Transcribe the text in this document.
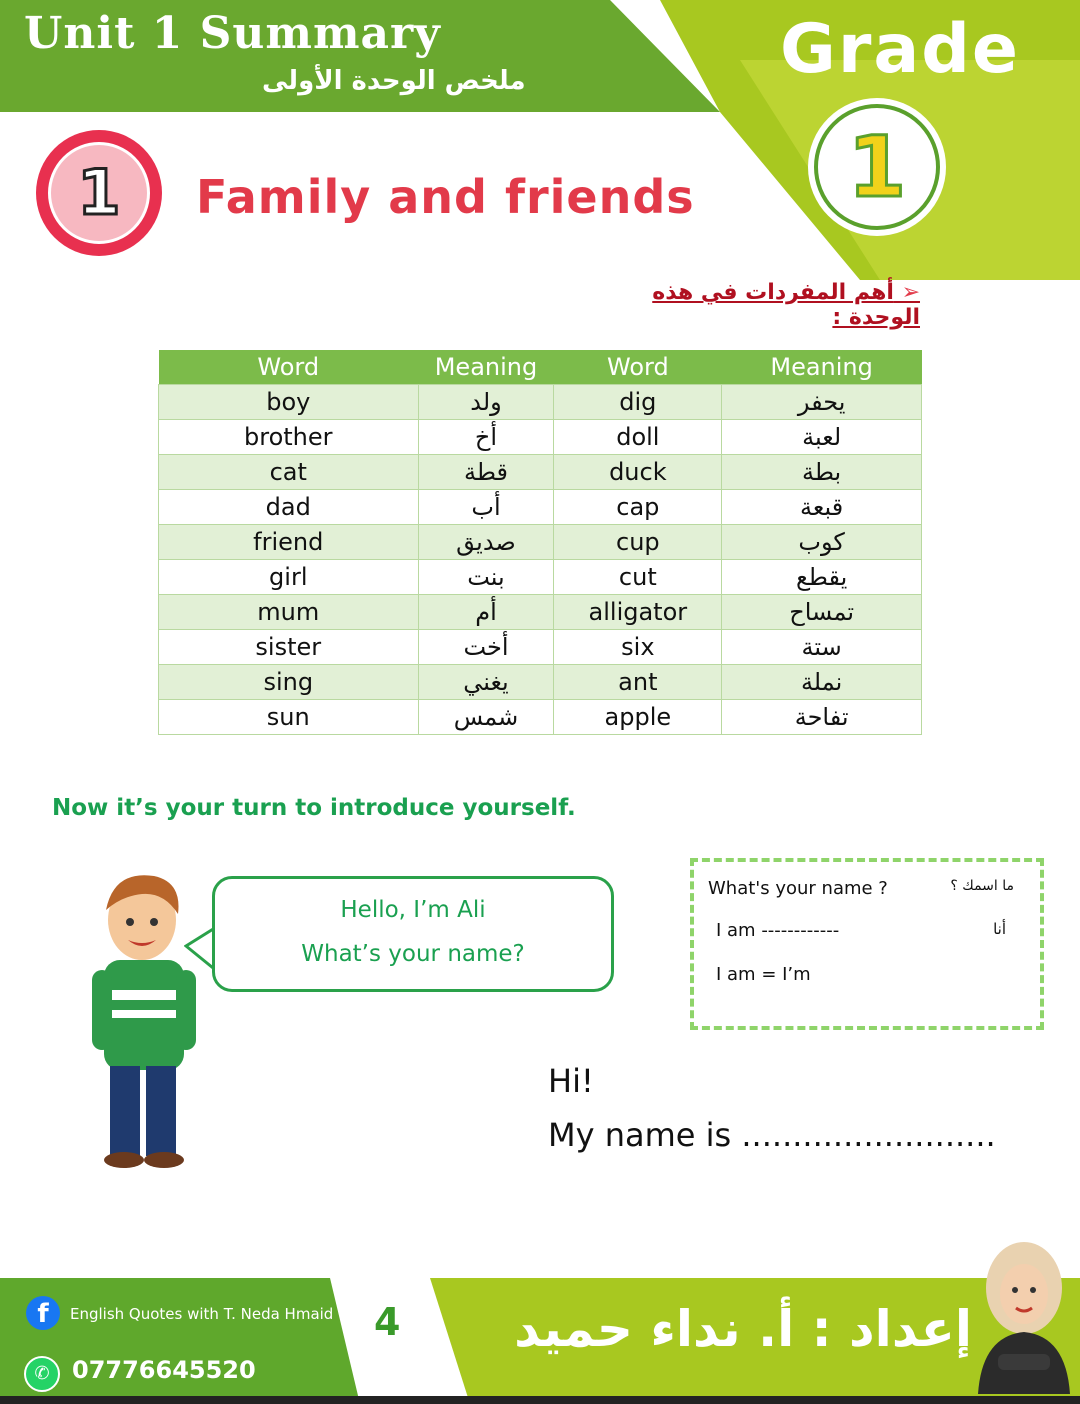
Unit 1 Summary
ملخص الوحدة الأولى	Grade
1
1 Family and friends
➢ أهم المفردات في هذه الوحدة :
Word	Meaning	Word	Meaning
boy	ولد	dig	يحفر
brother	أخ	doll	لعبة
cat	قطة	duck	بطة
dad	أب	cap	قبعة
friend	صديق	cup	كوب
girl	بنت	cut	يقطع
mum	أم	alligator	تمساح
sister	أخت	six	ستة
sing	يغني	ant	نملة
sun	شمس	apple	تفاحة
Now it’s your turn to introduce yourself.

Hello, I’m Ali

What’s your name?

What's your name ?	ما اسمك ؟
I am ------------	أنا
I am = I’m
Hi!
My name is .........................
f	English Quotes with T. Neda Hmaid
✆ 07776645520
4 إعداد : أ. نداء حميد
